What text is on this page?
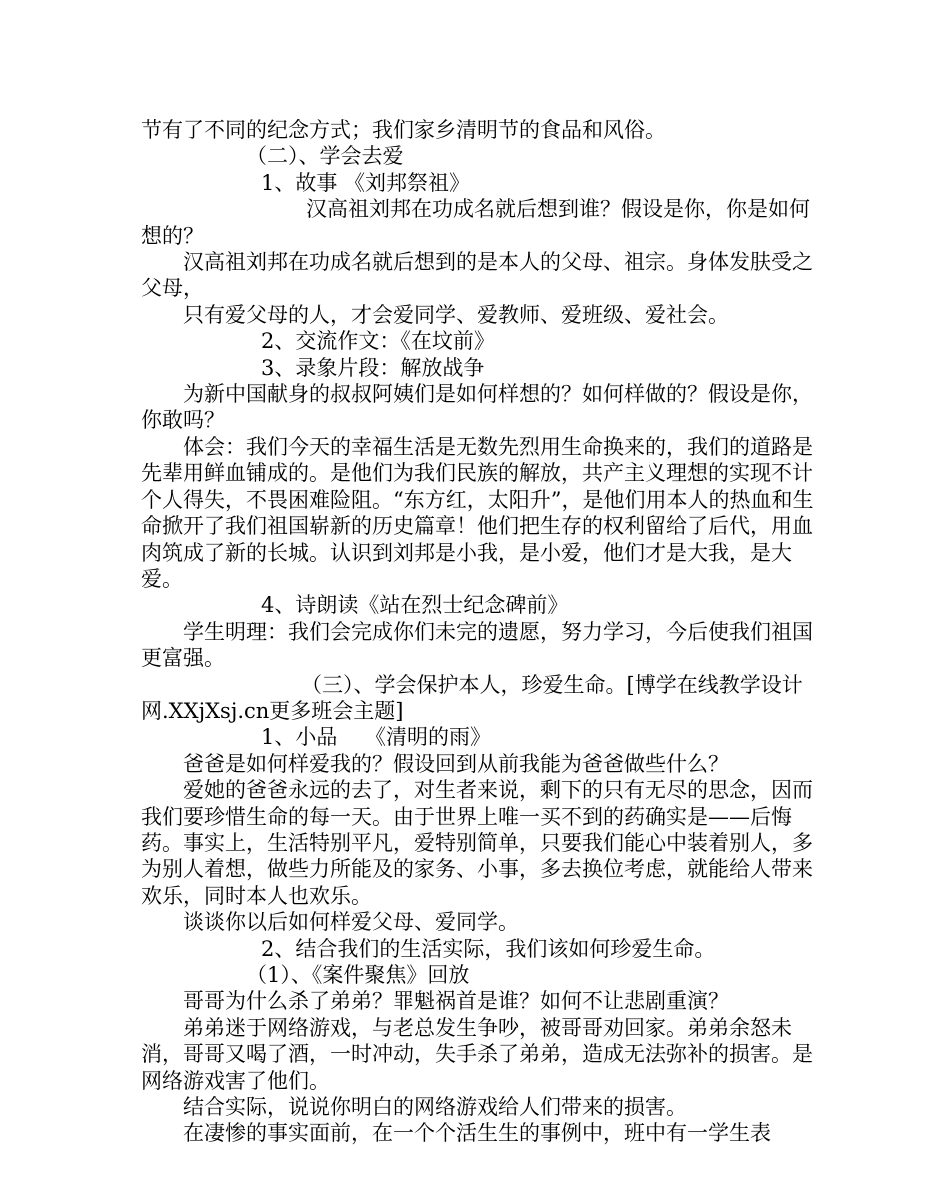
节有了不同的纪念方式；我们家乡清明节的食品和风俗。

（二）、学会去爱

1、故事 《刘邦祭祖》

汉高祖刘邦在功成名就后想到谁？假设是你，你是如何想的？

汉高祖刘邦在功成名就后想到的是本人的父母、祖宗。身体发肤受之父母，

只有爱父母的人，才会爱同学、爱教师、爱班级、爱社会。

2、交流作文：《在坟前》

3、录象片段：解放战争

为新中国献身的叔叔阿姨们是如何样想的？如何样做的？假设是你，你敢吗？

体会：我们今天的幸福生活是无数先烈用生命换来的，我们的道路是先辈用鲜血铺成的。是他们为我们民族的解放，共产主义理想的实现不计个人得失，不畏困难险阻。“东方红，太阳升”，是他们用本人的热血和生命掀开了我们祖国崭新的历史篇章！他们把生存的权利留给了后代，用血肉筑成了新的长城。认识到刘邦是小我，是小爱，他们才是大我，是大爱。

4、诗朗读《站在烈士纪念碑前》

学生明理：我们会完成你们未完的遗愿，努力学习，今后使我们祖国更富强。

（三）、学会保护本人，珍爱生命。[博学在线教学设计网.XXjXsj.cn更多班会主题]

1、小品　 《清明的雨》

爸爸是如何样爱我的？假设回到从前我能为爸爸做些什么？

爱她的爸爸永远的去了，对生者来说，剩下的只有无尽的思念，因而我们要珍惜生命的每一天。由于世界上唯一买不到的药确实是——后悔药。事实上，生活特别平凡，爱特别简单，只要我们能心中装着别人，多为别人着想，做些力所能及的家务、小事，多去换位考虑，就能给人带来欢乐，同时本人也欢乐。

谈谈你以后如何样爱父母、爱同学。

2、结合我们的生活实际，我们该如何珍爱生命。

（1）、《案件聚焦》回放

哥哥为什么杀了弟弟？罪魁祸首是谁？如何不让悲剧重演？

弟弟迷于网络游戏，与老总发生争吵，被哥哥劝回家。弟弟余怒未消，哥哥又喝了酒，一时冲动，失手杀了弟弟，造成无法弥补的损害。是网络游戏害了他们。

结合实际，说说你明白的网络游戏给人们带来的损害。

在凄惨的事实面前，在一个个活生生的事例中，班中有一学生表
